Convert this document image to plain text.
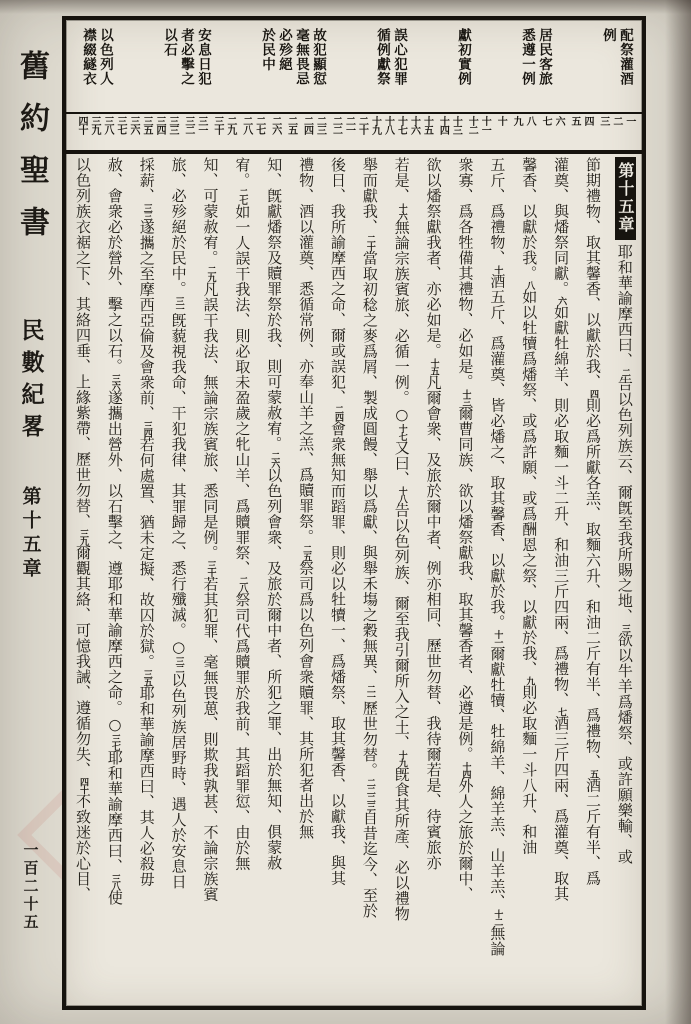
舊約聖書
民數紀畧
第十五章
一百二十五
配祭灌酒
例
居民客旅
悉遵一例
獻初實例
誤心犯罪
循例獻祭
故犯顯愆
毫無畏忌
必殄絕
於民中
安息日犯
者必擊之
以石
以色列人
襟綴繸衣
一
二
三
四
五
六
七
八
九
十
十一
十二
十三
十四
十五
十六
十七
十八
十九
二十
二一
二二
二三
二四
二五
二六
二七
二八
二九
三十
三一
三二
三三
三四
三五
三六
三七
三八
三九
四十
第十五章耶和華諭摩西曰、二告以色列族云、爾旣至我所賜之地、三欲以牛羊爲燔祭、或許願樂輸、或
節期禮物、取其馨香、以獻於我、四則必爲所獻各羔、取麵六升、和油二斤有半、爲禮物、五酒二斤有半、爲
灌奠、與燔祭同獻。六如獻牡綿羊、則必取麵一斗二升、和油三斤四兩、爲禮物、七酒三斤四兩、爲灌奠、取其
馨香、以獻於我。八如以牡犢爲燔祭、或爲許願、或爲酬恩之祭、以獻於我、九則必取麵一斗八升、和油
五斤、爲禮物、十酒五斤、爲灌奠、皆必燔之、取其馨香、以獻於我。十一爾獻牡犢、牡綿羊、綿羊羔、山羊羔、十二無論
衆寡、爲各牲備其禮物、必如是。十三爾曹同族、欲以燔祭獻我、取其馨香者、必遵是例。十四外人之旅於爾中、
欲以燔祭獻我者、亦必如是。十五凡爾會衆、及旅於爾中者、例亦相同、歷世勿替、我待爾若是、待賓旅亦
若是、十六無論宗族賓旅、必循一例。○十七又曰、十八告以色列族、爾至我引爾所入之土、十九旣食其所產、必以禮物
舉而獻我、二十當取初稔之麥爲屑、製成圓饅、舉以爲獻、與舉禾塲之穀無異、二一歷世勿替。二二二三自昔迄今、至於
後日、我所諭摩西之命、爾或誤犯、二四會衆無知而蹈罪、則必以牡犢一、爲燔祭、取其馨香、以獻我、與其
禮物、酒以灌奠、悉循常例、亦奉山羊之羔、爲贖罪祭。二五祭司爲以色列會衆贖罪、其所犯者出於無
知、旣獻燔祭及贖罪祭於我、則可蒙赦宥。二六以色列會衆、及旅於爾中者、所犯之罪、出於無知、俱蒙赦
宥。二七如一人誤干我法、則必取未盈歲之牝山羊、爲贖罪祭、二八祭司代爲贖罪於我前、其蹈罪愆、由於無
知、可蒙赦宥。二九凡誤干我法、無論宗族賓旅、悉同是例。三十若其犯罪、毫無畏葸、則欺我孰甚、不論宗族賓
旅、必殄絕於民中。三一旣藐視我命、干犯我律、其罪歸之、悉行殲滅。○三二以色列族居野時、遇人於安息日
採薪、三三遂攜之至摩西亞倫及會衆前、三四若何處置、猶未定擬、故囚於獄。三五耶和華諭摩西曰、其人必殺毋
赦、會衆必於營外、擊之以石。三六遂攜出營外、以石擊之、遵耶和華諭摩西之命。○三七耶和華諭摩西曰、三八使
以色列族衣裾之下、其絡四垂、上緣紫帶、歷世勿替、三九爾觀其絡、可憶我誡、遵循勿失、四十不致迷於心目、
